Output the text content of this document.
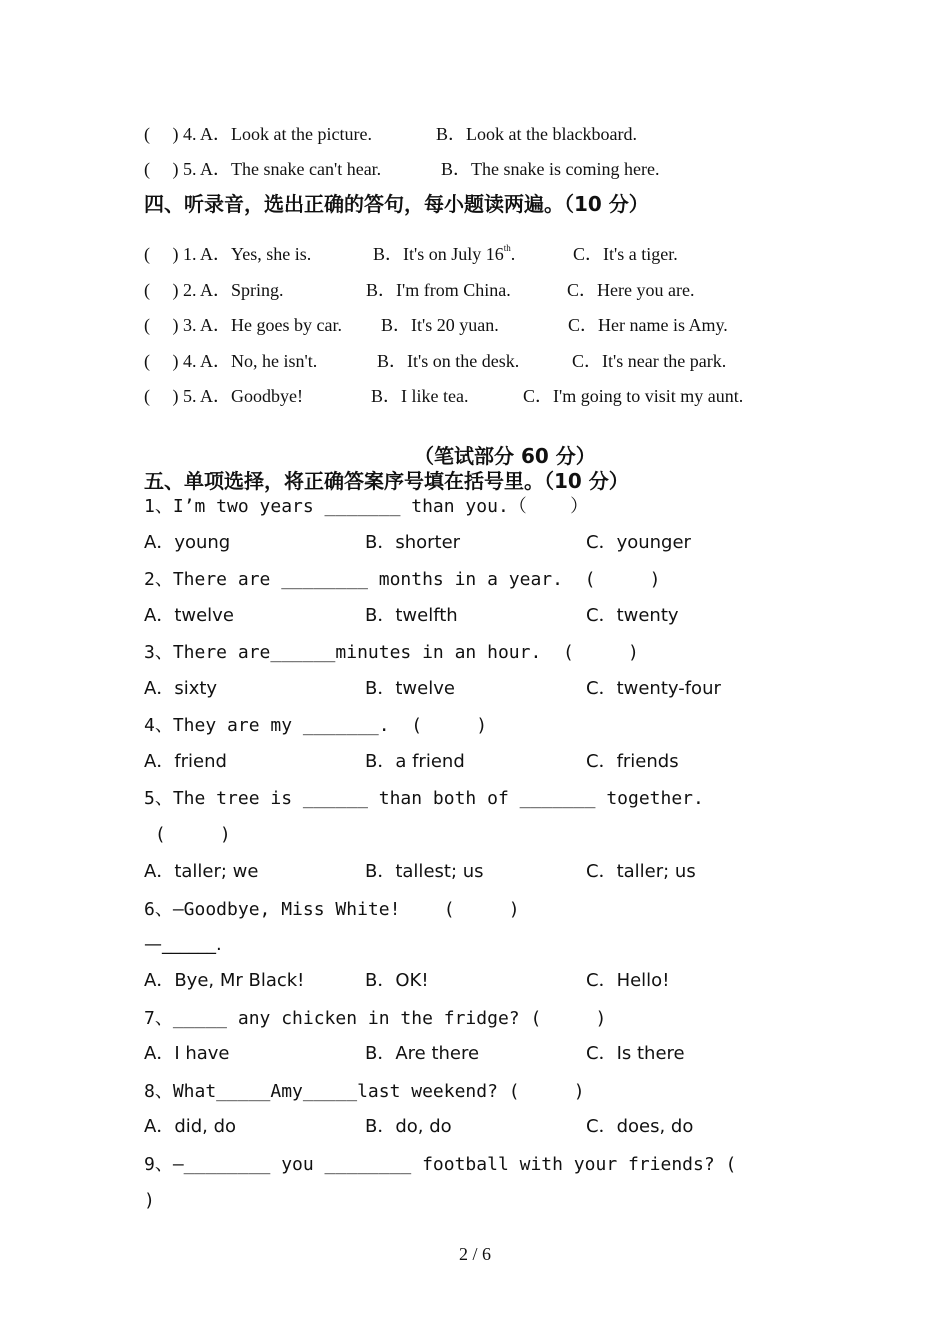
(     ) 4. A．Look at the picture.	B．Look at the blackboard.
(     ) 5. A．The snake can't hear.	B．The snake is coming here.
四、听录音，选出正确的答句，每小题读两遍。（10 分）
(     ) 1. A．Yes, she is.	B．It's on July 16th.	C．It's a tiger.
(     ) 2. A．Spring.	B．I'm from China.	C．Here you are.
(     ) 3. A．He goes by car. B．It's 20 yuan.	C．Her name is Amy.
(     ) 4. A．No, he isn't.	B．It's on the desk.	C．It's near the park.
(     ) 5. A．Goodbye!	B．I like tea.	C．I'm going to visit my aunt.
（笔试部分 60 分）
五、单项选择，将正确答案序号填在括号里。（10 分）
1、I’m two years _______ than you.（    ）
A．young	B．shorter	C．younger
2、There are ________ months in a year.  (     )
A．twelve	B．twelfth	C．twenty
3、There are______minutes in an hour.  (     )
A．sixty	B．twelve	C．twenty-four
4、They are my _______.  (     )
A．friend	B．a friend	C．friends
5、The tree is ______ than both of _______ together.
(     )
A．taller; we	B．tallest; us	C．taller; us
6、—Goodbye, Miss White!    (     )
—______.
A．Bye, Mr Black!	B．OK!	C．Hello!
7、_____ any chicken in the fridge? (     )
A．I have	B．Are there	C．Is there
8、What_____Amy_____last weekend? (     )
A．did, do	B．do, do	C．does, do
9、—________ you ________ football with your friends? (
)
2 / 6
